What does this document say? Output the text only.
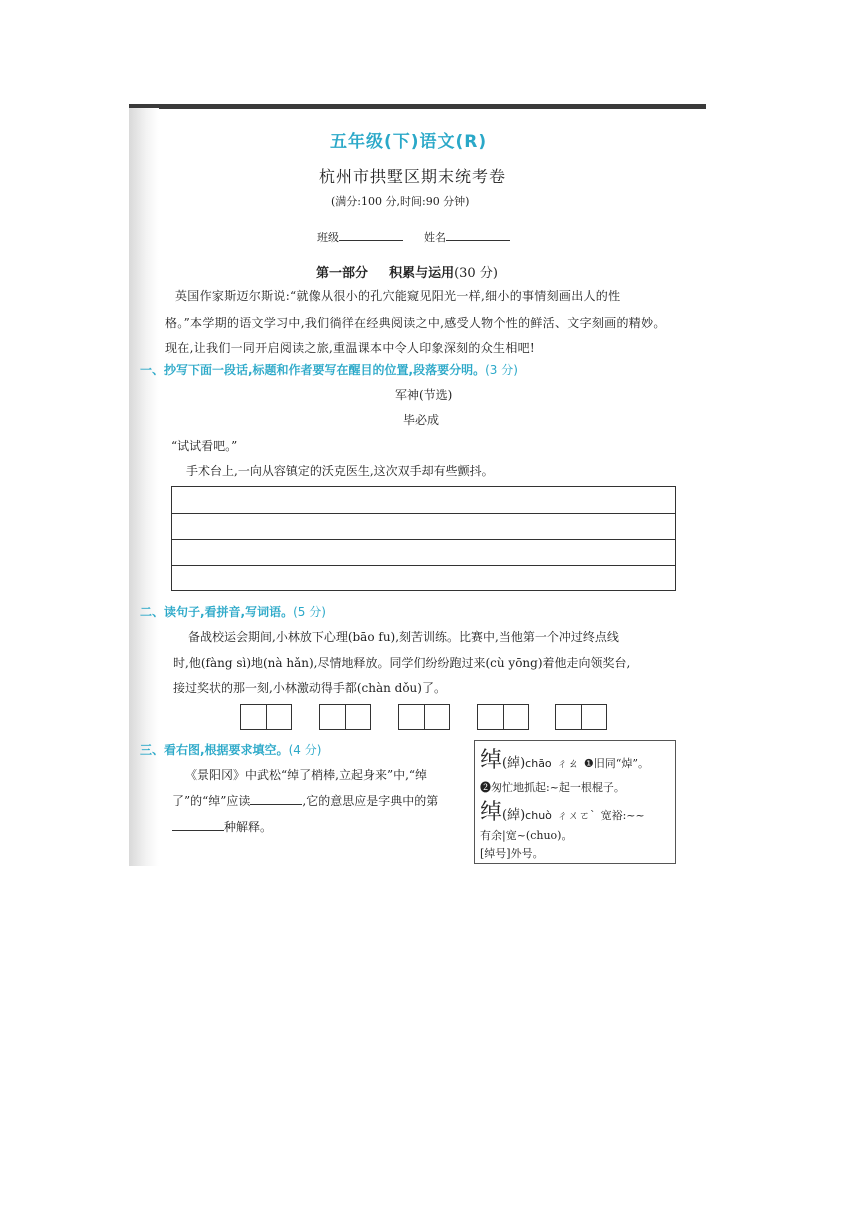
五年级(下)语文(R)
杭州市拱墅区期末统考卷
(满分:100 分,时间:90 分钟)
班级	姓名
第一部分 积累与运用(30 分)
英国作家斯迈尔斯说:“就像从很小的孔穴能窥见阳光一样,细小的事情刻画出人的性
格。”本学期的语文学习中,我们徜徉在经典阅读之中,感受人物个性的鲜活、文字刻画的精妙。
现在,让我们一同开启阅读之旅,重温课本中令人印象深刻的众生相吧!
一、抄写下面一段话,标题和作者要写在醒目的位置,段落要分明。(3 分)
军神(节选)
毕必成
“试试看吧。”
手术台上,一向从容镇定的沃克医生,这次双手却有些颤抖。
二、读句子,看拼音,写词语。(5 分)
备战校运会期间,小林放下心理(bāo fu),刻苦训练。比赛中,当他第一个冲过终点线
时,他(fàng sì)地(nà hǎn),尽情地释放。同学们纷纷跑过来(cù yōng)着他走向领奖台,
接过奖状的那一刻,小林激动得手都(chàn dǒu)了。
三、看右图,根据要求填空。(4 分)
《景阳冈》中武松“绰了梢棒,立起身来”中,“绰
了”的“绰”应读	,它的意思应是字典中的第
种解释。
绰(綽)chāo ㄔㄠ ❶旧同“焯”。
❷匆忙地抓起:~起一根棍子。
绰(綽)chuò ㄔㄨㄛˋ 宽裕:~~
有余|宽~(chuo)。
[绰号]外号。
